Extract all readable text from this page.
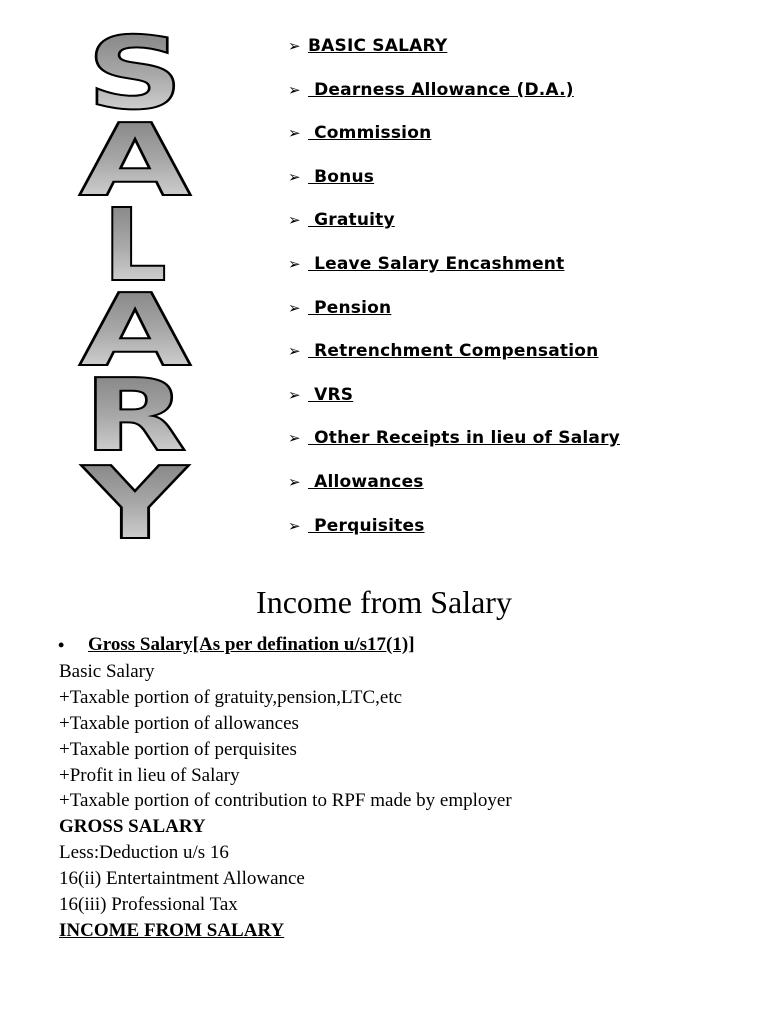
S
A
L
A
R
Y
➢ BASIC SALARY
➢ Dearness Allowance (D.A.)
➢ Commission
➢ Bonus
➢ Gratuity
➢ Leave Salary Encashment
➢ Pension
➢ Retrenchment Compensation
➢ VRS
➢ Other Receipts in lieu of Salary
➢ Allowances
➢ Perquisites
Income from Salary
•	Gross Salary[As per defination u/s17(1)]
Basic Salary
+Taxable portion of gratuity,pension,LTC,etc
+Taxable portion of allowances
+Taxable portion of perquisites
+Profit in lieu of Salary
+Taxable portion of contribution to RPF made by employer
GROSS SALARY
Less:Deduction u/s 16
16(ii) Entertaintment Allowance
16(iii) Professional Tax
INCOME FROM SALARY
